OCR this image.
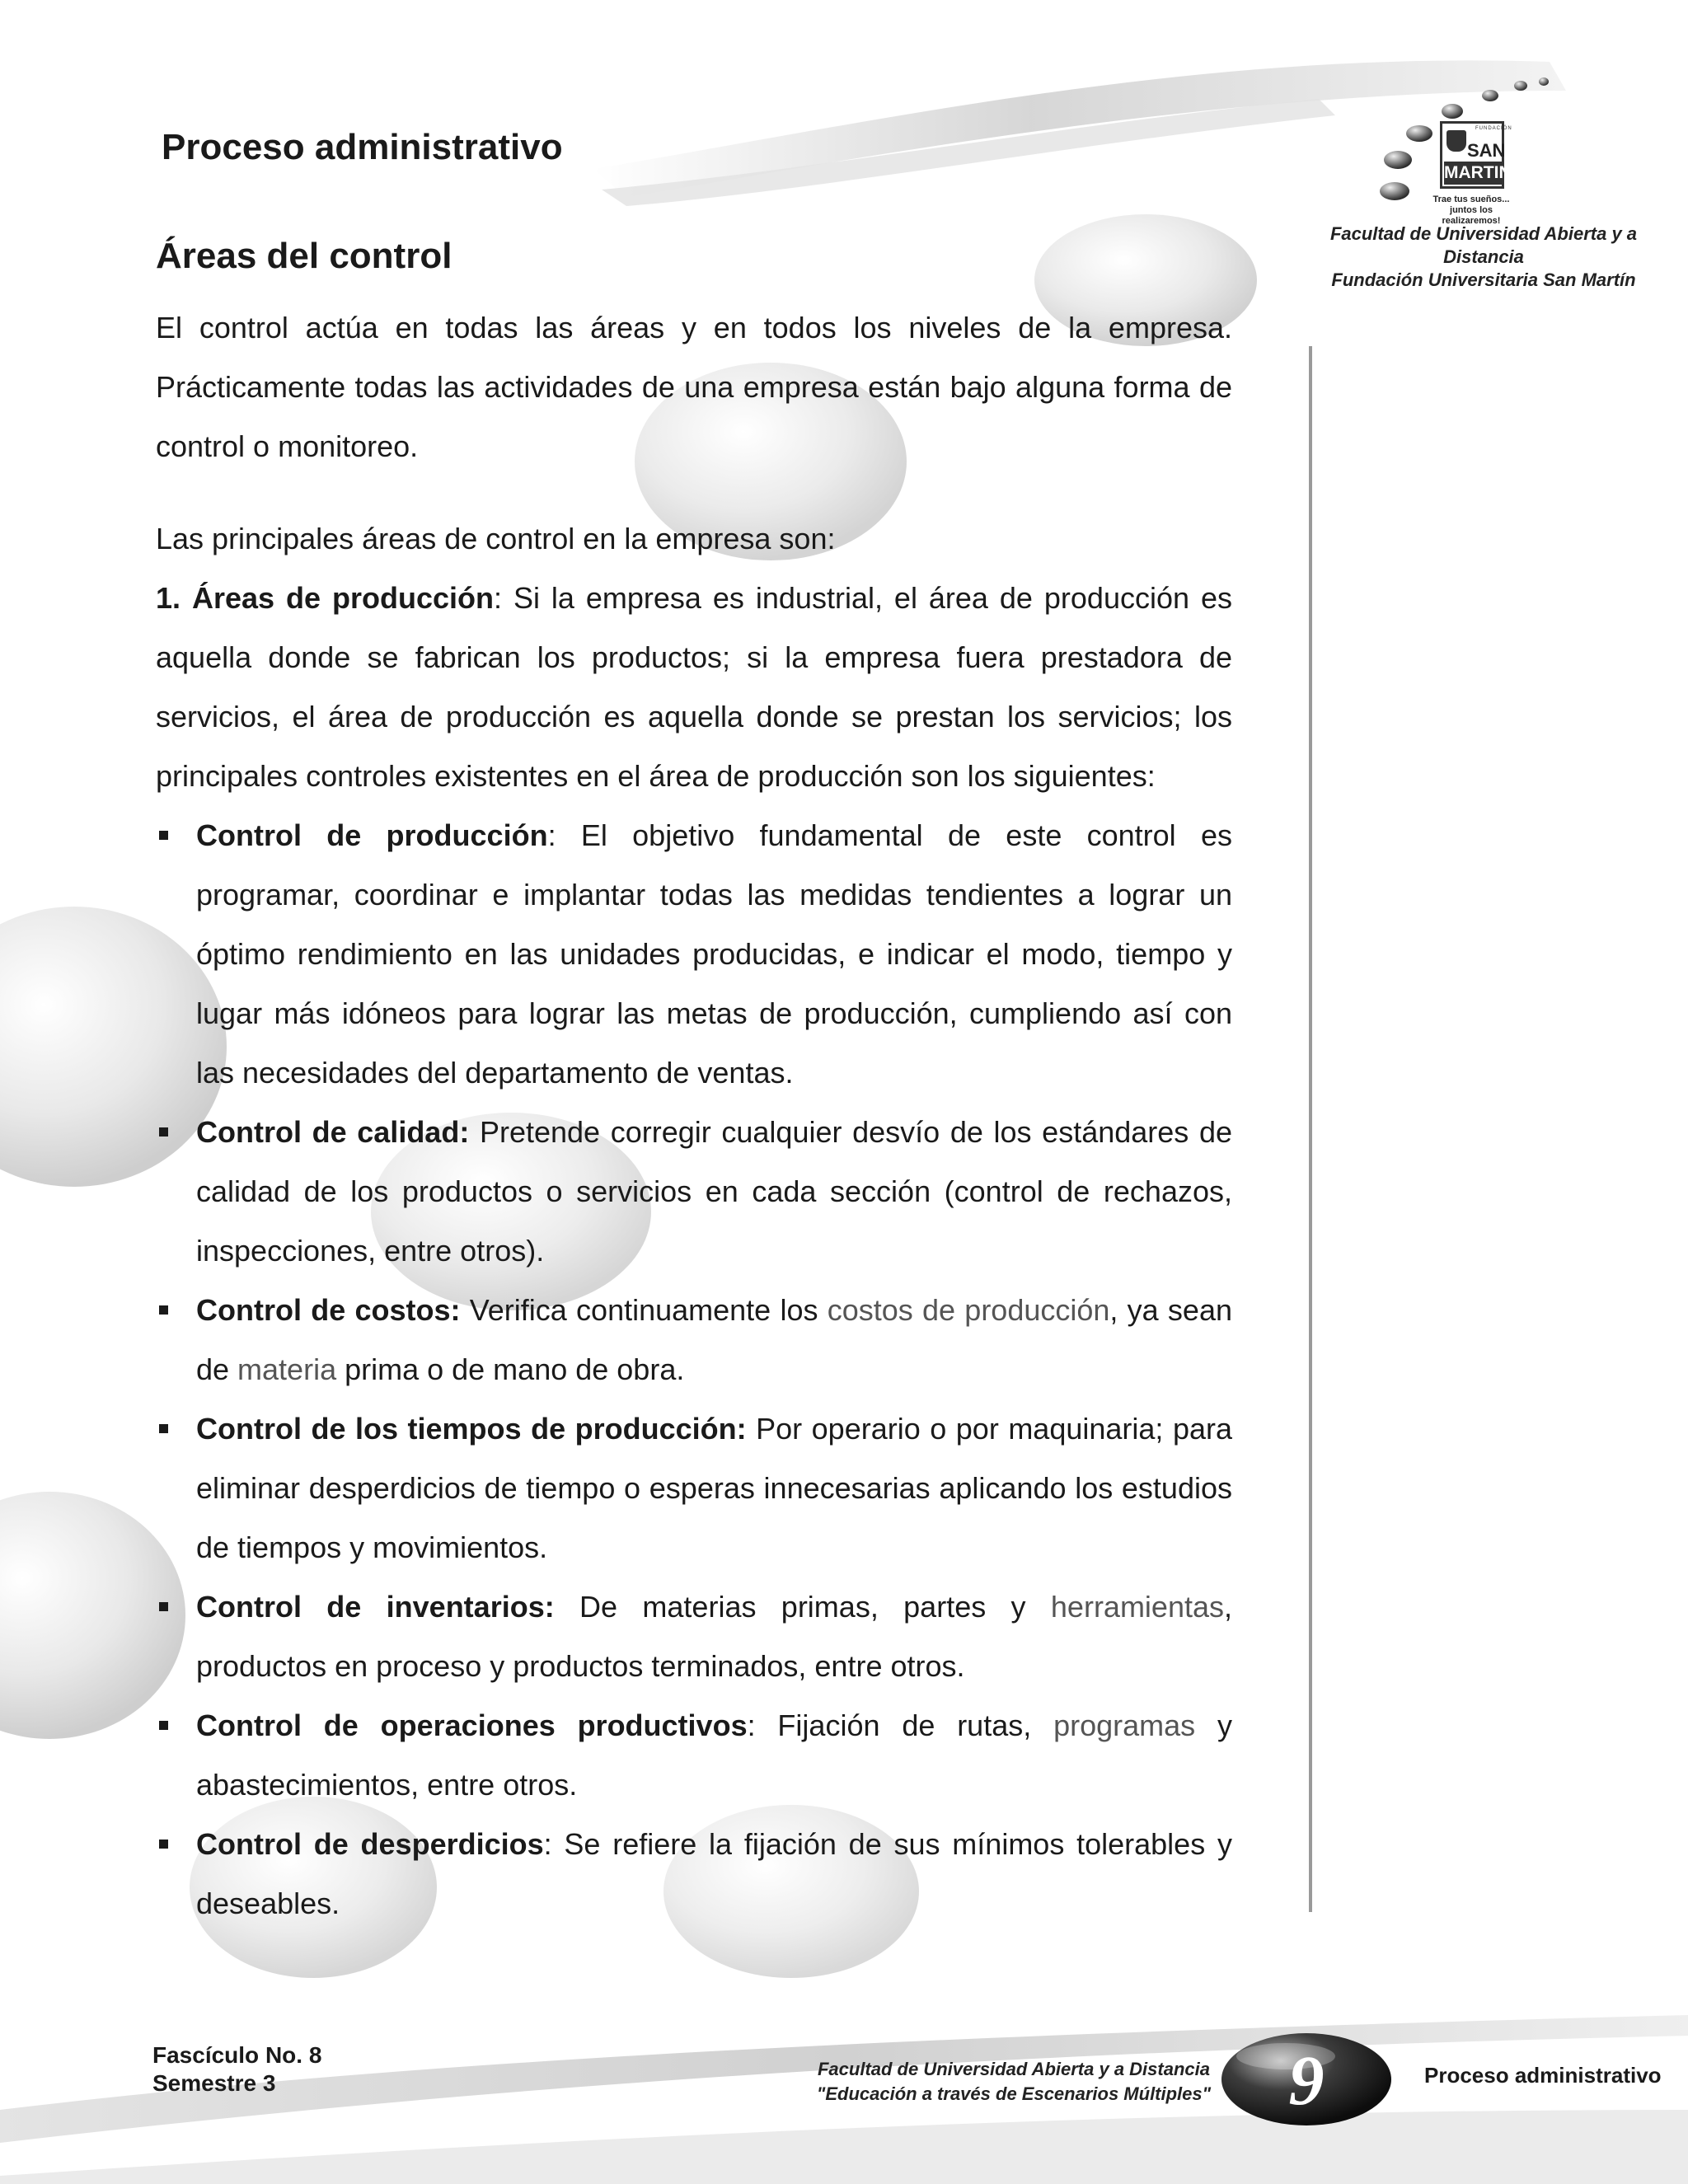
Proceso administrativo	FUNDACIÓN
SAN
MARTIN
Trae tus sueños...
juntos los realizaremos!
Facultad de Universidad Abierta y a Distancia
Fundación Universitaria San Martín
Áreas del control

El control actúa en todas las áreas y en todos los niveles de la empresa. Prácticamente todas las actividades de una empresa están bajo alguna forma de control o monitoreo.

Las principales áreas de control en la empresa son:

1. Áreas de producción: Si la empresa es industrial, el área de producción es aquella donde se fabrican los productos; si la empresa fuera prestadora de servicios, el área de producción es aquella donde se prestan los servicios; los principales controles existentes en el área de producción son los siguientes:

Control de producción: El objetivo fundamental de este control es programar, coordinar e implantar todas las medidas tendientes a lograr un óptimo rendimiento en las unidades producidas, e indicar el modo, tiempo y lugar más idóneos para lograr las metas de producción, cumpliendo así con las necesidades del departamento de ventas.
Control de calidad: Pretende corregir cualquier desvío de los estándares de calidad de los productos o servicios en cada sección (control de rechazos, inspecciones, entre otros).
Control de costos: Verifica continuamente los costos de producción, ya sean de materia prima o de mano de obra.
Control de los tiempos de producción: Por operario o por maquinaria; para eliminar desperdicios de tiempo o esperas innecesarias aplicando los estudios de tiempos y movimientos.
Control de inventarios: De materias primas, partes y herramientas, productos en proceso y productos terminados, entre otros.
Control de operaciones productivos: Fijación de rutas, programas y abastecimientos, entre otros.
Control de desperdicios: Se refiere la fijación de sus mínimos tolerables y deseables.
Fascículo No. 8
Semestre 3
Facultad de Universidad Abierta y a Distancia
"Educación a través de Escenarios Múltiples"	9	Proceso administrativo
